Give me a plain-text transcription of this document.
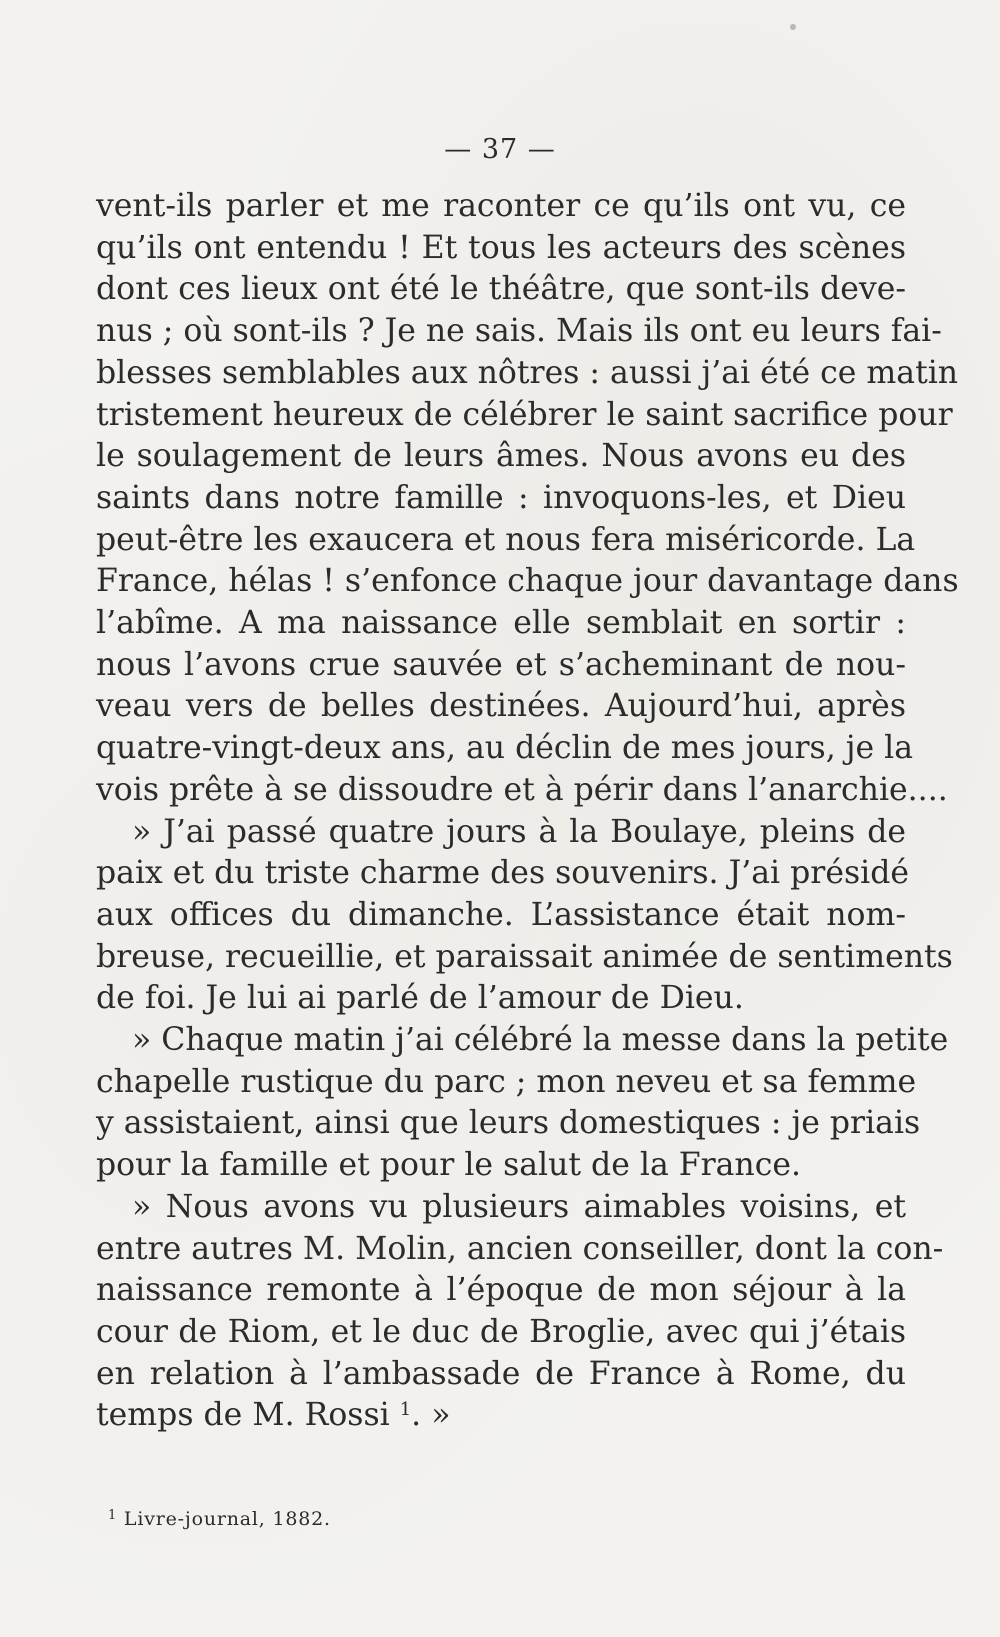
— 37 —
vent-ils parler et me raconter ce qu’ils ont vu, ce
qu’ils ont entendu ! Et tous les acteurs des scènes
dont ces lieux ont été le théâtre, que sont-ils deve-
nus ; où sont-ils ? Je ne sais. Mais ils ont eu leurs fai-
blesses semblables aux nôtres : aussi j’ai été ce matin
tristement heureux de célébrer le saint sacrifice pour
le soulagement de leurs âmes. Nous avons eu des
saints dans notre famille : invoquons-les, et Dieu
peut-être les exaucera et nous fera miséricorde. La
France, hélas ! s’enfonce chaque jour davantage dans
l’abîme. A ma naissance elle semblait en sortir :
nous l’avons crue sauvée et s’acheminant de nou-
veau vers de belles destinées. Aujourd’hui, après
quatre-vingt-deux ans, au déclin de mes jours, je la
vois prête à se dissoudre et à périr dans l’anarchie....
» J’ai passé quatre jours à la Boulaye, pleins de
paix et du triste charme des souvenirs. J’ai présidé
aux offices du dimanche. L’assistance était nom-
breuse, recueillie, et paraissait animée de sentiments
de foi. Je lui ai parlé de l’amour de Dieu.
» Chaque matin j’ai célébré la messe dans la petite
chapelle rustique du parc ; mon neveu et sa femme
y assistaient, ainsi que leurs domestiques : je priais
pour la famille et pour le salut de la France.
» Nous avons vu plusieurs aimables voisins, et
entre autres M. Molin, ancien conseiller, dont la con-
naissance remonte à l’époque de mon séjour à la
cour de Riom, et le duc de Broglie, avec qui j’étais
en relation à l’ambassade de France à Rome, du
temps de M. Rossi $^1$. »
$^1$ Livre-journal, 1882.
